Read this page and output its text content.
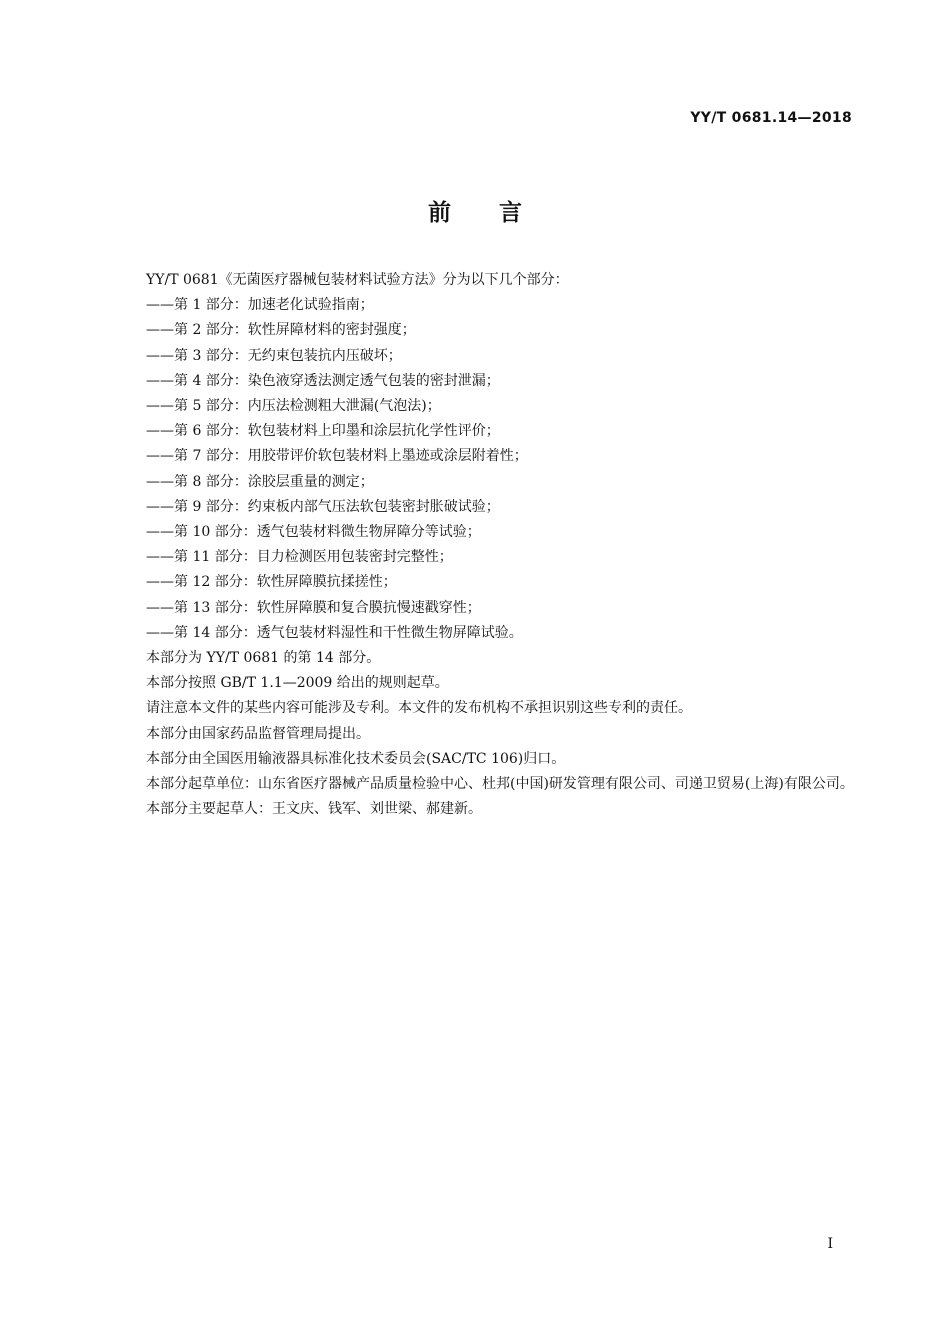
YY/T 0681.14—2018
前 言

YY/T 0681《无菌医疗器械包装材料试验方法》分为以下几个部分：

——第 1 部分：加速老化试验指南；

——第 2 部分：软性屏障材料的密封强度；

——第 3 部分：无约束包装抗内压破坏；

——第 4 部分：染色液穿透法测定透气包装的密封泄漏；

——第 5 部分：内压法检测粗大泄漏(气泡法)；

——第 6 部分：软包装材料上印墨和涂层抗化学性评价；

——第 7 部分：用胶带评价软包装材料上墨迹或涂层附着性；

——第 8 部分：涂胶层重量的测定；

——第 9 部分：约束板内部气压法软包装密封胀破试验；

——第 10 部分：透气包装材料微生物屏障分等试验；

——第 11 部分：目力检测医用包装密封完整性；

——第 12 部分：软性屏障膜抗揉搓性；

——第 13 部分：软性屏障膜和复合膜抗慢速戳穿性；

——第 14 部分：透气包装材料湿性和干性微生物屏障试验。

本部分为 YY/T 0681 的第 14 部分。

本部分按照 GB/T 1.1—2009 给出的规则起草。

请注意本文件的某些内容可能涉及专利。本文件的发布机构不承担识别这些专利的责任。

本部分由国家药品监督管理局提出。

本部分由全国医用输液器具标准化技术委员会(SAC/TC 106)归口。

本部分起草单位：山东省医疗器械产品质量检验中心、杜邦(中国)研发管理有限公司、司递卫贸易(上海)有限公司。

本部分主要起草人：王文庆、钱军、刘世梁、郝建新。

I
